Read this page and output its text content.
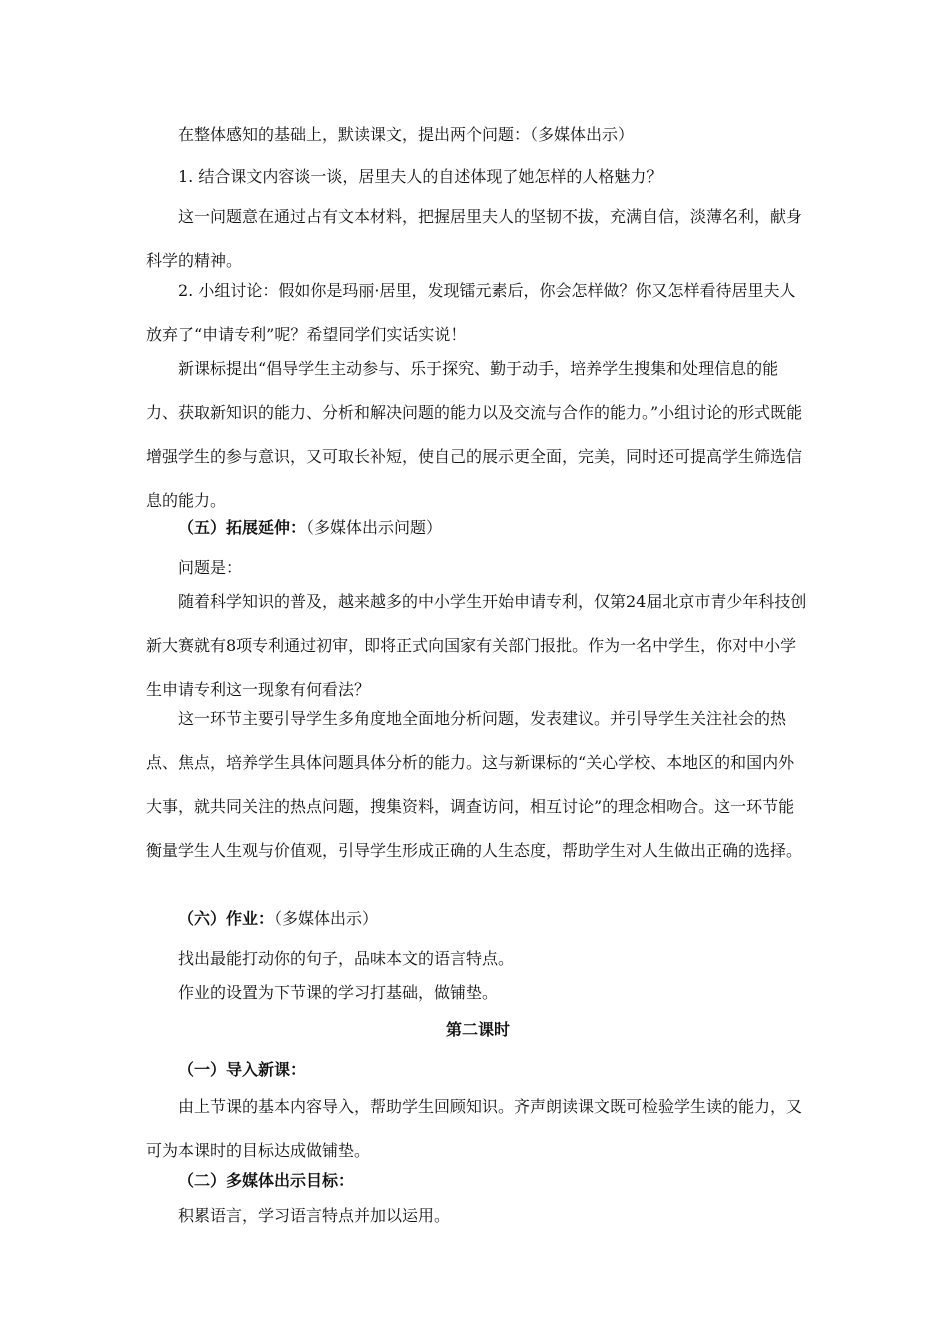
在整体感知的基础上，默读课文，提出两个问题：（多媒体出示）

1. 结合课文内容谈一谈，居里夫人的自述体现了她怎样的人格魅力？

这一问题意在通过占有文本材料，把握居里夫人的坚韧不拔，充满自信，淡薄名利，献身科学的精神。

2. 小组讨论：假如你是玛丽·居里，发现镭元素后，你会怎样做？你又怎样看待居里夫人放弃了“申请专利”呢？希望同学们实话实说！

新课标提出“倡导学生主动参与、乐于探究、勤于动手，培养学生搜集和处理信息的能力、获取新知识的能力、分析和解决问题的能力以及交流与合作的能力。”小组讨论的形式既能增强学生的参与意识，又可取长补短，使自己的展示更全面，完美，同时还可提高学生筛选信息的能力。

（五）拓展延伸：（多媒体出示问题）

问题是：

随着科学知识的普及，越来越多的中小学生开始申请专利，仅第24届北京市青少年科技创新大赛就有8项专利通过初审，即将正式向国家有关部门报批。作为一名中学生，你对中小学生申请专利这一现象有何看法？

这一环节主要引导学生多角度地全面地分析问题，发表建议。并引导学生关注社会的热点、焦点，培养学生具体问题具体分析的能力。这与新课标的“关心学校、本地区的和国内外大事，就共同关注的热点问题，搜集资料，调查访问，相互讨论”的理念相吻合。这一环节能衡量学生人生观与价值观，引导学生形成正确的人生态度，帮助学生对人生做出正确的选择。

（六）作业：（多媒体出示）

找出最能打动你的句子，品味本文的语言特点。

作业的设置为下节课的学习打基础，做铺垫。

第二课时

（一）导入新课：

由上节课的基本内容导入，帮助学生回顾知识。齐声朗读课文既可检验学生读的能力，又可为本课时的目标达成做铺垫。

（二）多媒体出示目标：

积累语言，学习语言特点并加以运用。
